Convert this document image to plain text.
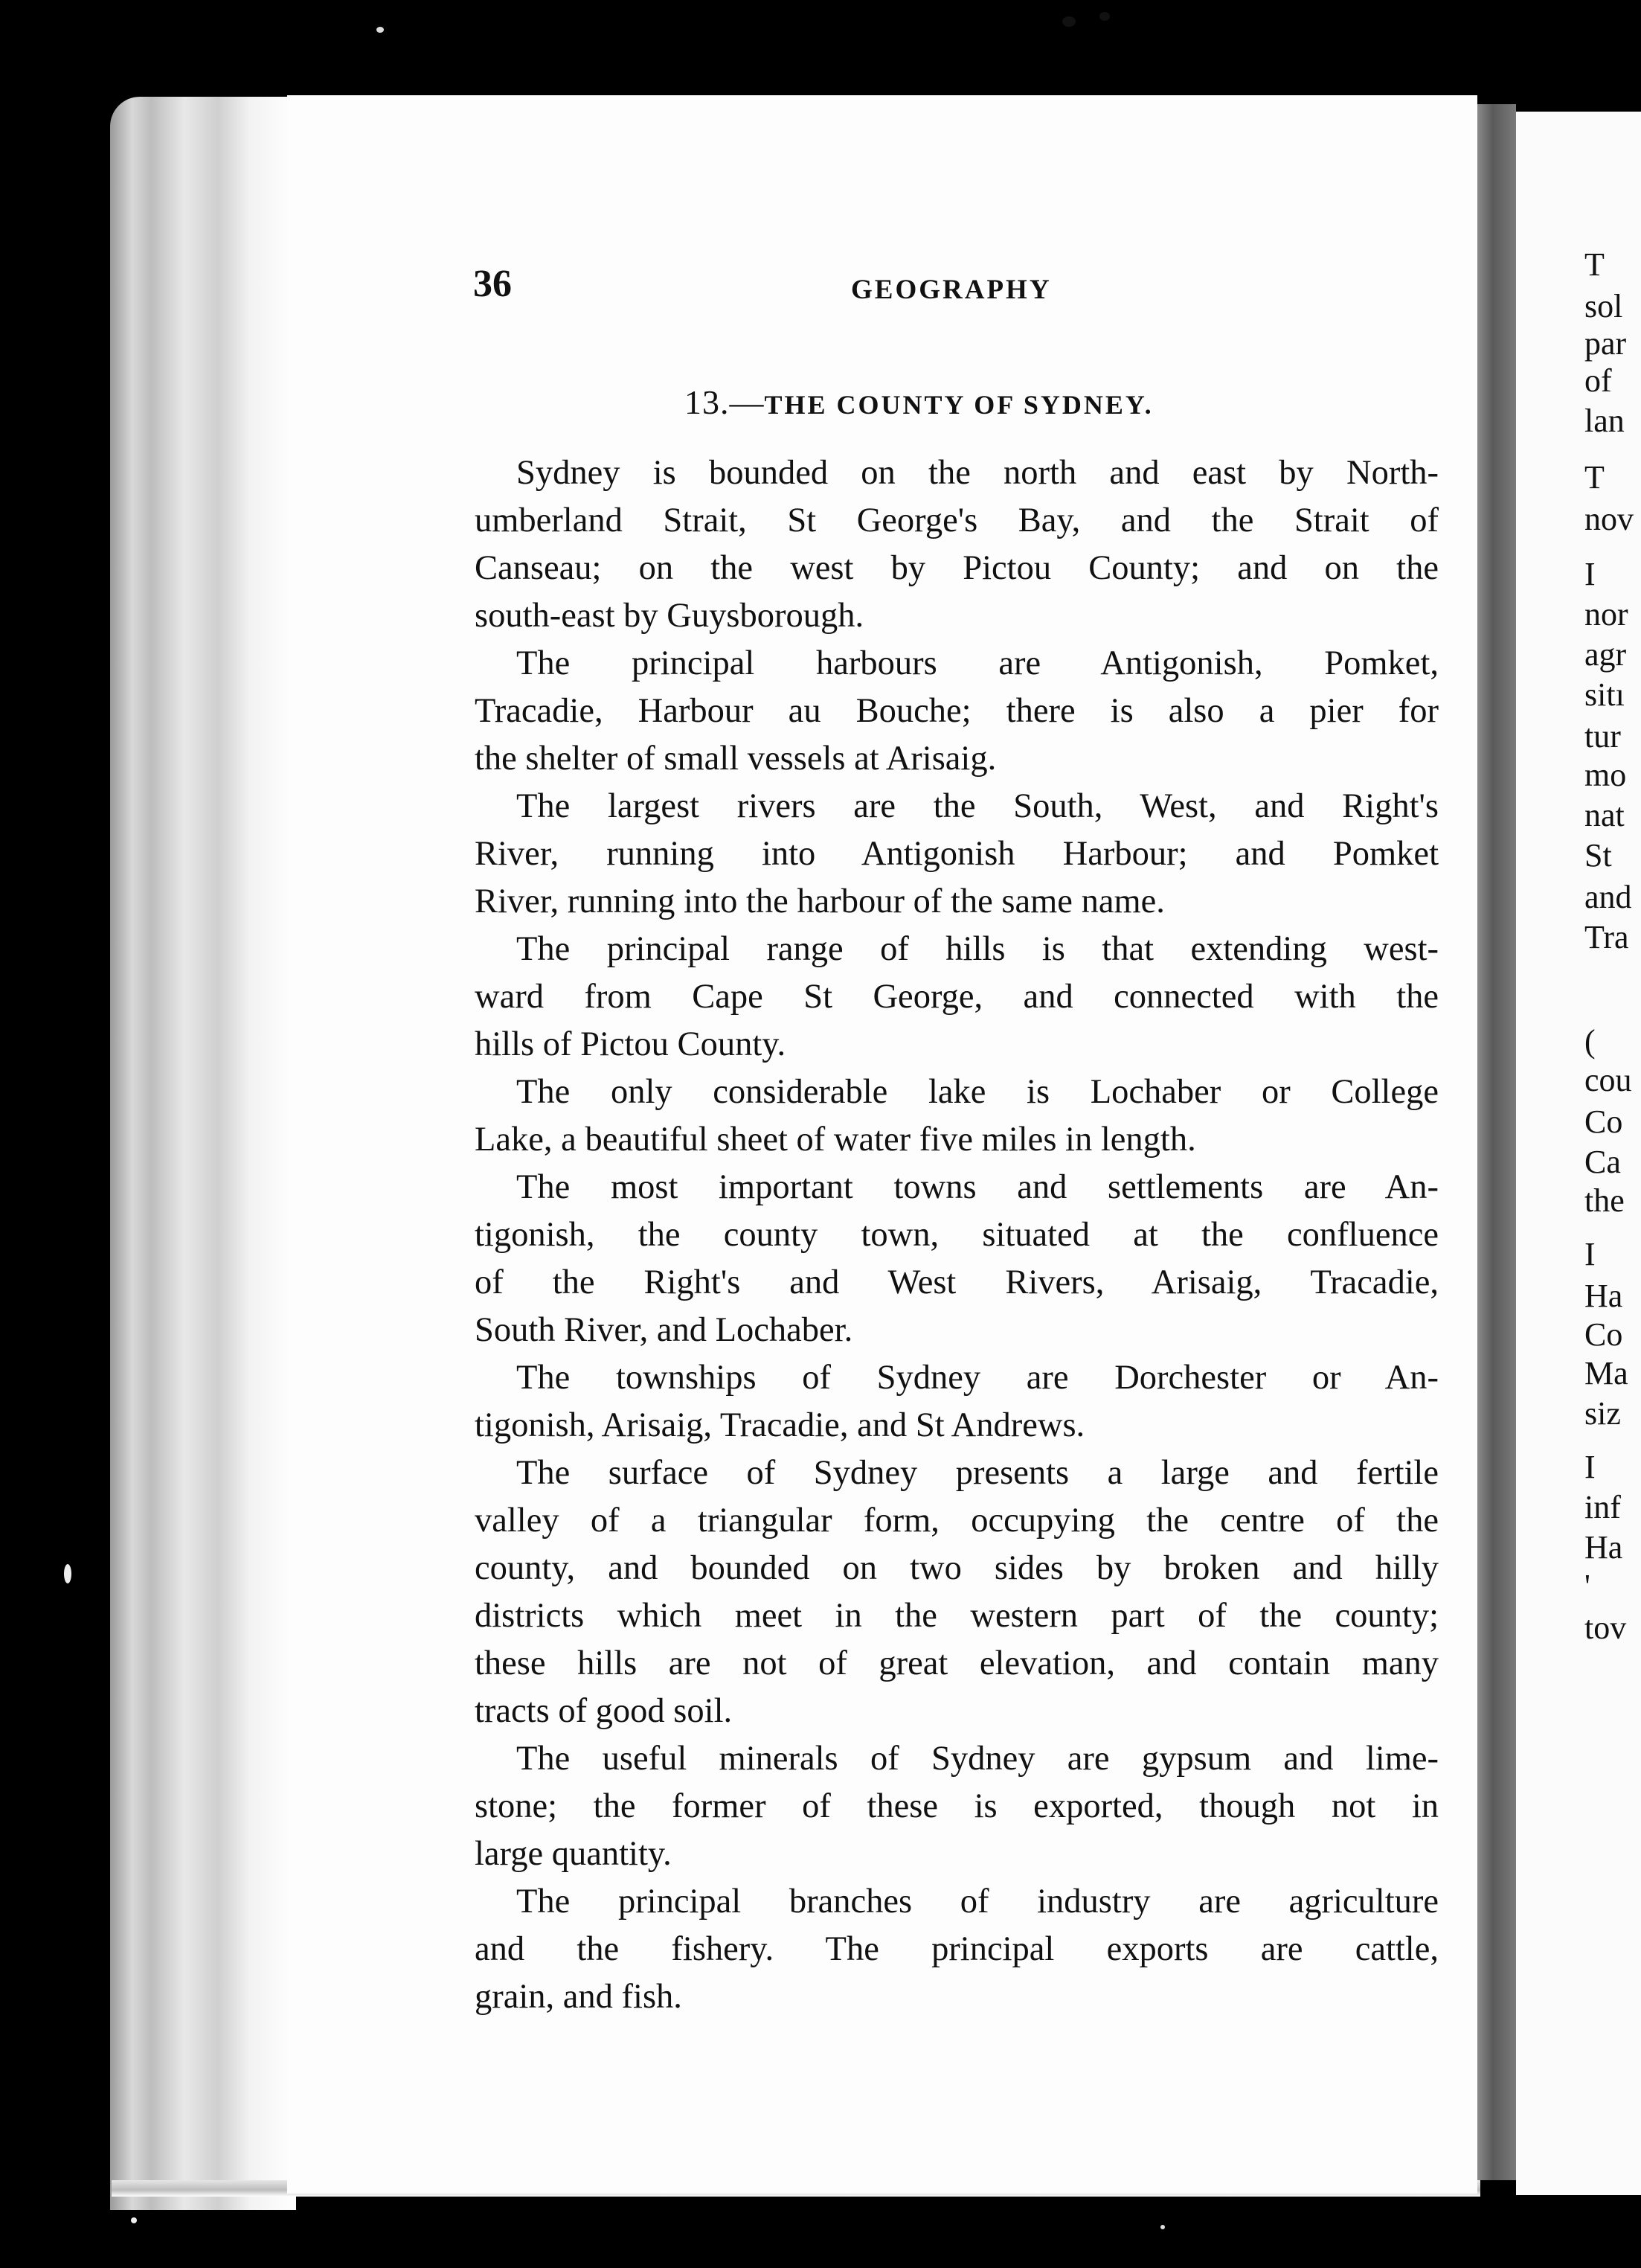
36	GEOGRAPHY
13.—THE COUNTY OF SYDNEY.
Sydney is bounded on the north and east by North-
umberland Strait, St George's Bay, and the Strait of
Canseau; on the west by Pictou County; and on the
south-east by Guysborough.
The principal harbours are Antigonish, Pomket,
Tracadie, Harbour au Bouche; there is also a pier for
the shelter of small vessels at Arisaig.
The largest rivers are the South, West, and Right's
River, running into Antigonish Harbour; and Pomket
River, running into the harbour of the same name.
The principal range of hills is that extending west-
ward from Cape St George, and connected with the
hills of Pictou County.
The only considerable lake is Lochaber or College
Lake, a beautiful sheet of water five miles in length.
The most important towns and settlements are An-
tigonish, the county town, situated at the confluence
of the Right's and West Rivers, Arisaig, Tracadie,
South River, and Lochaber.
The townships of Sydney are Dorchester or An-
tigonish, Arisaig, Tracadie, and St Andrews.
The surface of Sydney presents a large and fertile
valley of a triangular form, occupying the centre of the
county, and bounded on two sides by broken and hilly
districts which meet in the western part of the county;
these hills are not of great elevation, and contain many
tracts of good soil.
The useful minerals of Sydney are gypsum and lime-
stone; the former of these is exported, though not in
large quantity.
The principal branches of industry are agriculture
and the fishery. The principal exports are cattle,
grain, and fish.
T
sol
par
of
lan
T
nov
I
nor
agr
sitı
tur
mo
nat
St
and
Tra
(
cou
Co
Ca
the
I
Ha
Co
Ma
siz
I
inf
Ha
'
tov
